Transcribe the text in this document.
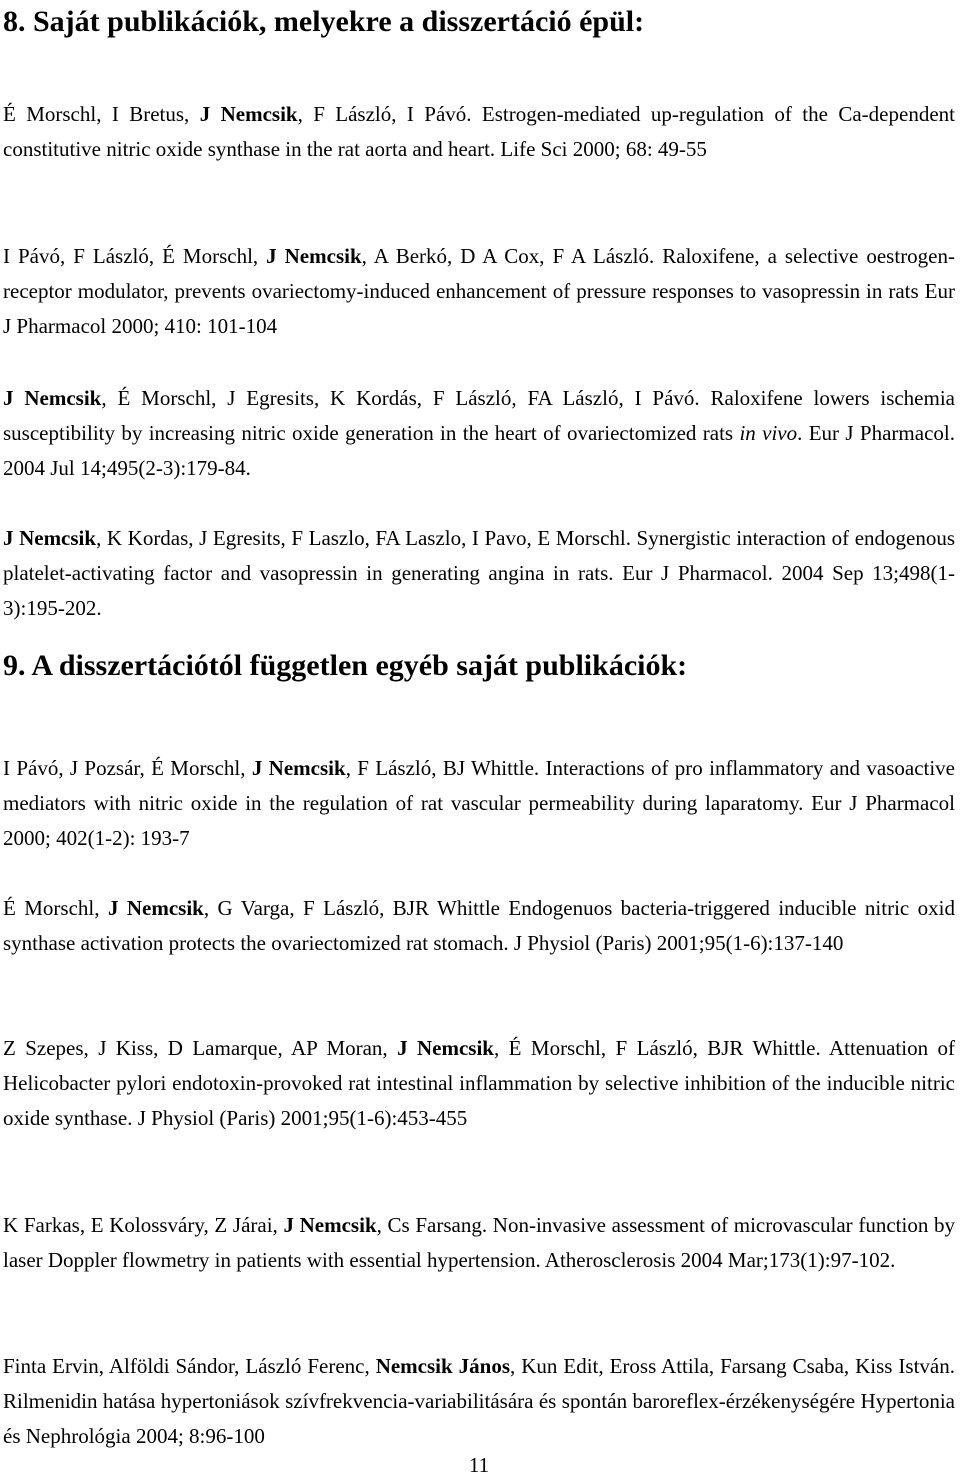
8. Saját publikációk, melyekre a disszertáció épül:

É Morschl, I Bretus, J Nemcsik, F László, I Pávó. Estrogen-mediated up-regulation of the Ca-dependent constitutive nitric oxide synthase in the rat aorta and heart. Life Sci 2000; 68: 49-55

I Pávó, F László, É Morschl, J Nemcsik, A Berkó, D A Cox, F A László. Raloxifene, a selective oestrogen-receptor modulator, prevents ovariectomy-induced enhancement of pressure responses to vasopressin in rats Eur J Pharmacol 2000; 410: 101-104

J Nemcsik, É Morschl, J Egresits, K Kordás, F László, FA László, I Pávó. Raloxifene lowers ischemia susceptibility by increasing nitric oxide generation in the heart of ovariectomized rats in vivo. Eur J Pharmacol. 2004 Jul 14;495(2-3):179-84.

J Nemcsik, K Kordas, J Egresits, F Laszlo, FA Laszlo, I Pavo, E Morschl. Synergistic interaction of endogenous platelet-activating factor and vasopressin in generating angina in rats. Eur J Pharmacol. 2004 Sep 13;498(1-3):195-202.

9. A disszertációtól független egyéb saját publikációk:

I Pávó, J Pozsár, É Morschl, J Nemcsik, F László, BJ Whittle. Interactions of pro inflammatory and vasoactive mediators with nitric oxide in the regulation of rat vascular permeability during laparatomy. Eur J Pharmacol 2000; 402(1-2): 193-7

É Morschl, J Nemcsik, G Varga, F László, BJR Whittle Endogenuos bacteria-triggered inducible nitric oxid synthase activation protects the ovariectomized rat stomach. J Physiol (Paris) 2001;95(1-6):137-140

Z Szepes, J Kiss, D Lamarque, AP Moran, J Nemcsik, É Morschl, F László, BJR Whittle. Attenuation of Helicobacter pylori endotoxin-provoked rat intestinal inflammation by selective inhibition of the inducible nitric oxide synthase. J Physiol (Paris) 2001;95(1-6):453-455

K Farkas, E Kolossváry, Z Járai, J Nemcsik, Cs Farsang. Non-invasive assessment of microvascular function by laser Doppler flowmetry in patients with essential hypertension. Atherosclerosis 2004 Mar;173(1):97-102.

Finta Ervin, Alföldi Sándor, László Ferenc, Nemcsik János, Kun Edit, Eross Attila, Farsang Csaba, Kiss István. Rilmenidin hatása hypertoniások szívfrekvencia-variabilitására és spontán baroreflex-érzékenységére Hypertonia és Nephrológia 2004; 8:96-100

11
